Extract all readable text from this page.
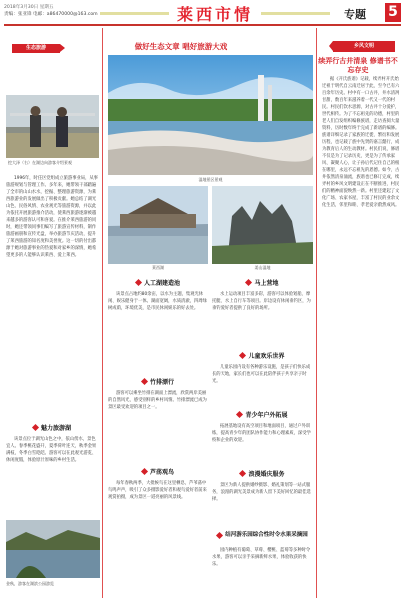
2018年3月30日 星期五
责编：张亚锋 电邮：a86470000@163.com	莱西市情	专题 5
生态旅游
挖大泽（右）在湖边向游客介绍景观
1996年，时任区党组成立旅游事业局，从事旅游规划与管理工作。多年来，她带领干部踏遍了全市的山山水水，挖掘、整理旅游资源，为莱西旅游业的发展做出了积极贡献。她总结了湖光山色、民俗风情、农业观光等旅游资源，并以此为依托开展旅游推介活动，使莱西旅游逐渐被越来越多的游客认可和喜爱。在推介莱西旅游的同时，她还带领同事们编写了旅游宣传材料，制作旅游画册和宣传光盘，举办旅游节庆活动，提升了莱西旅游的知名度和美誉度。这一切的付出都源于她对旅游事业的热爱和对家乡的深情，她希望更多的人能够认识莱西、爱上莱西。
魅力旅游湖
该景点位于湖光山色之中，依山傍水，景色宜人。春季桃花盛开，夏季荷叶连天，秋季金果满枝，冬季白雪皑皑。游客可以在此观光游览、休闲度假，体验原汁原味的乡村生活。
金秋，游客在湖滨公园游览
做好生态文章 唱好旅游大戏
湿地景区景观
莱西湖	姜山湿地
人工湖建造池
该景点占地约80余亩，以水为主题，集观光休闲、娱乐健身于一体。湖面宽阔，水质清澈，四周绿树成荫，环境优美，是市民休闲娱乐的好去处。
竹排漂行
游客可以乘坐竹排在湖面上漂流，欣赏两岸美丽的自然风光，感受别样的乡村风情。竹排漂流已成为景区最受欢迎的项目之一。
芦荡观鸟
每年春秋两季，大批候鸟在这里栖息，芦苇荡中鸟鸣声声，吸引了众多摄影爱好者和观鸟爱好者前来观赏拍摄，成为景区一道亮丽的风景线。
马上营地
水上运动项目丰富多彩，游客可以体验划船、摩托艇、水上自行车等项目。岸边设有休闲垂钓区，为垂钓爱好者提供了良好的场所。
儿童欢乐世界
儿童乐园内设有各种游乐设施，是孩子们快乐成长的天地，家长们也可以在此陪伴孩子共享亲子时光。
青少年户外拓展
拓展基地设有高空项目和地面项目，通过户外训练，提高青少年的团队协作能力和心理素质，深受学校和企业的欢迎。
浪漫婚庆服务
景区为新人提供婚纱摄影、婚礼策划等一站式服务，浪漫的湖光美景成为新人留下美好回忆的最佳选择。
结河游乐园综合性时令水果采摘园
园内种植有葡萄、草莓、樱桃、蓝莓等多种时令水果，游客可以亲手采摘新鲜水果，体验收获的快乐。
乡风文明
续弄行古井清泉 修谱书不忘存史
据《开氏族谱》记载，续弄村开氏始迁祖于明代自云南迁居于此，至今已有六百余年历史。村中有一口古井，井水清冽甘甜，数百年来滋养着一代又一代的村民。村民们饮水思源，对古井十分爱护，世代相传。为了不忘祖先的功德，村里的老人们自发组织编修族谱，走访查阅大量资料，历时数年终于完成了新谱的编修。族谱详细记录了家族的迁徙、繁衍和发展历程，也记载了族中先贤的嘉言懿行，成为教育后人的生动教材。村民们说，修谱不仅是为了记录历史，更是为了传承家风、凝聚人心，让子孙后代记住自己的根在哪里，永远不忘祖先的恩德。如今，古井依然清泉涌流，族谱也已修订完成，续弄村的乡风文明建设正在不断推进，村民们的精神面貌焕然一新。村里还建起了文化广场、农家书屋，丰富了村民的业余文化生活，邻里和睦、孝老爱亲蔚然成风。
